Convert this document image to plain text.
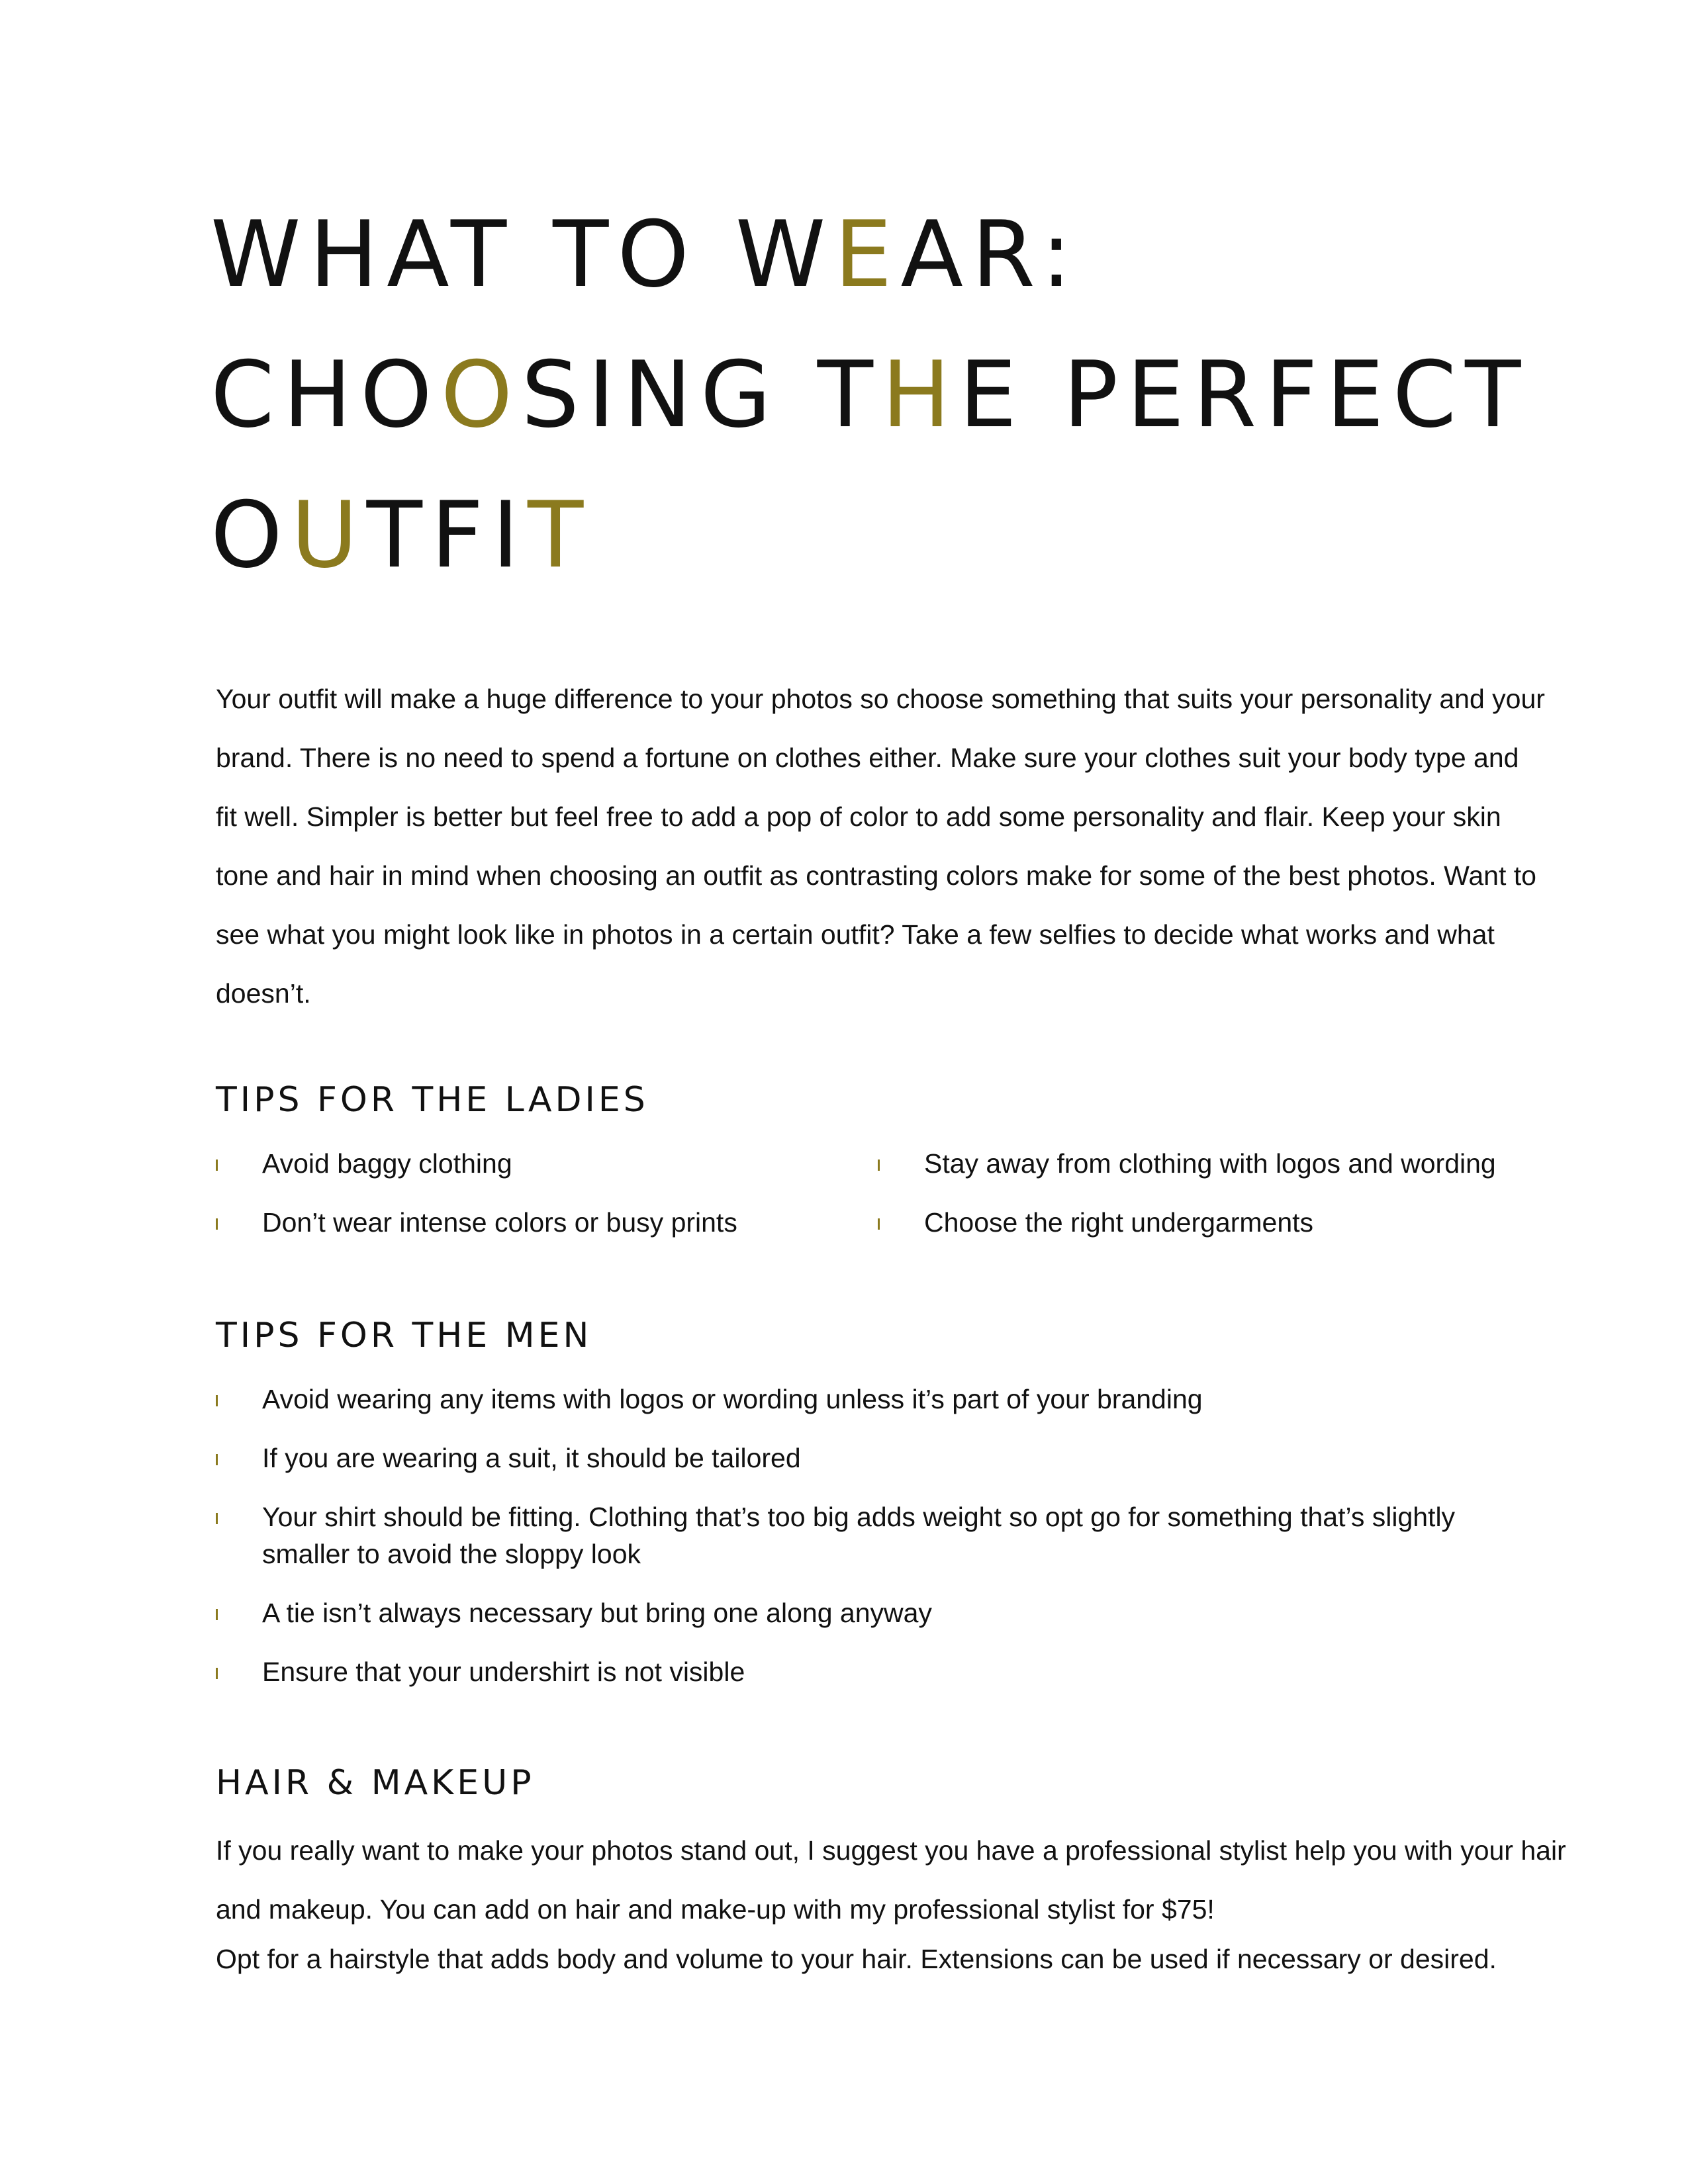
WHAT TO WEAR:
CHOOSING THE PERFECT
OUTFIT

Your outfit will make a huge difference to your photos so choose something that suits your personality and your brand. There is no need to spend a fortune on clothes either. Make sure your clothes suit your body type and fit well. Simpler is better but feel free to add a pop of color to add some personality and flair. Keep your skin tone and hair in mind when choosing an outfit as contrasting colors make for some of the best photos. Want to see what you might look like in photos in a certain outfit? Take a few selfies to decide what works and what doesn’t.

TIPS FOR THE LADIES
Avoid baggy clothing
Don’t wear intense colors or busy prints
Stay away from clothing with logos and wording
Choose the right undergarments
TIPS FOR THE MEN
Avoid wearing any items with logos or wording unless it’s part of your branding
If you are wearing a suit, it should be tailored
Your shirt should be fitting. Clothing that’s too big adds weight so opt go for something that’s slightly smaller to avoid the sloppy look
A tie isn’t always necessary but bring one along anyway
Ensure that your undershirt is not visible
HAIR & MAKEUP

If you really want to make your photos stand out, I suggest you have a professional stylist help you with your hair and makeup. You can add on hair and make-up with my professional stylist for $75!

Opt for a hairstyle that adds body and volume to your hair. Extensions can be used if necessary or desired.
